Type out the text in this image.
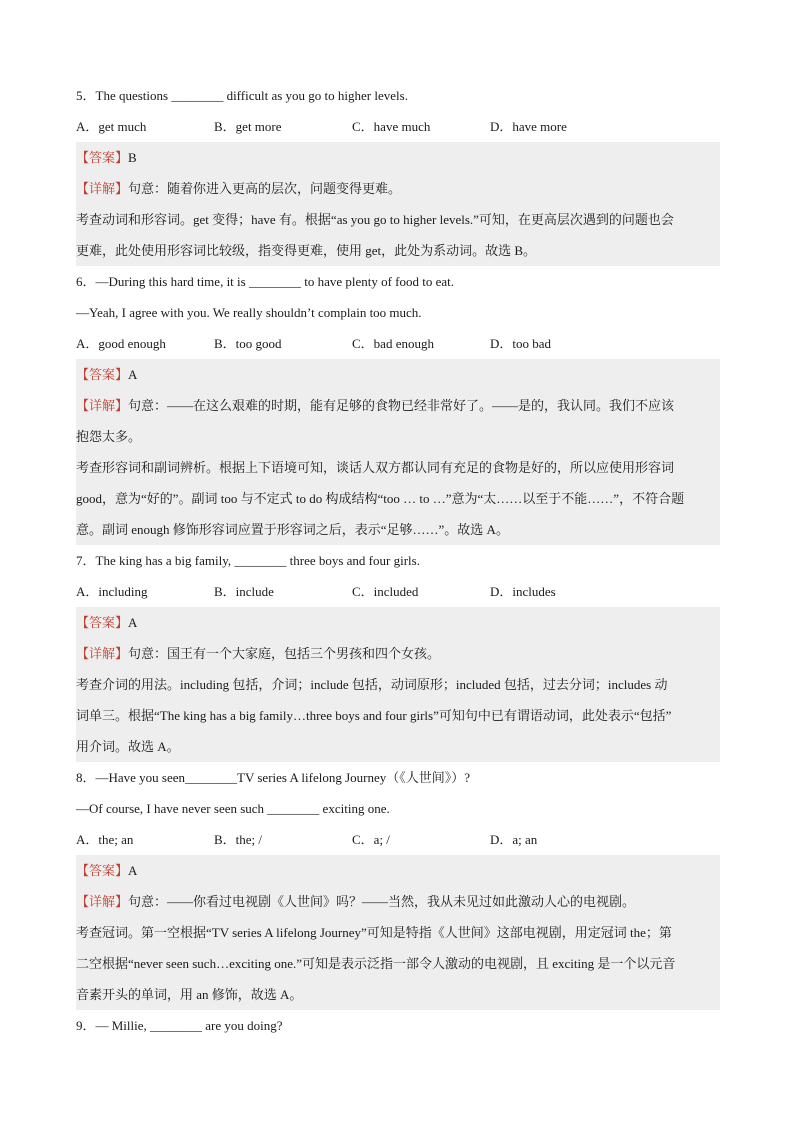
5．The questions ________ difficult as you go to higher levels.
A．get much	B．get more	C．have much	D．have more
【答案】B
【详解】句意：随着你进入更高的层次，问题变得更难。
考查动词和形容词。get 变得；have 有。根据“as you go to higher levels.”可知，在更高层次遇到的问题也会
更难，此处使用形容词比较级，指变得更难，使用 get，此处为系动词。故选 B。
6．—During this hard time, it is ________ to have plenty of food to eat.
—Yeah, I agree with you. We really shouldn’t complain too much.
A．good enough	B．too good	C．bad enough	D．too bad
【答案】A
【详解】句意：——在这么艰难的时期，能有足够的食物已经非常好了。——是的，我认同。我们不应该
抱怨太多。
考查形容词和副词辨析。根据上下语境可知，谈话人双方都认同有充足的食物是好的，所以应使用形容词
good，意为“好的”。副词 too 与不定式 to do 构成结构“too … to …”意为“太……以至于不能……”，不符合题
意。副词 enough 修饰形容词应置于形容词之后，表示“足够……”。故选 A。
7．The king has a big family, ________ three boys and four girls.
A．including	B．include	C．included	D．includes
【答案】A
【详解】句意：国王有一个大家庭，包括三个男孩和四个女孩。
考查介词的用法。including 包括，介词；include 包括，动词原形；included 包括，过去分词；includes 动
词单三。根据“The king has a big family…three boys and four girls”可知句中已有谓语动词，此处表示“包括”
用介词。故选 A。
8．—Have you seen________TV series A lifelong Journey（《人世间》）?
—Of course, I have never seen such ________ exciting one.
A．the; an	B．the; /	C．a; /	D．a; an
【答案】A
【详解】句意：——你看过电视剧《人世间》吗？——当然，我从未见过如此激动人心的电视剧。
考查冠词。第一空根据“TV series A lifelong Journey”可知是特指《人世间》这部电视剧，用定冠词 the；第
二空根据“never seen such…exciting one.”可知是表示泛指一部令人激动的电视剧，且 exciting 是一个以元音
音素开头的单词，用 an 修饰，故选 A。
9．— Millie, ________ are you doing?
